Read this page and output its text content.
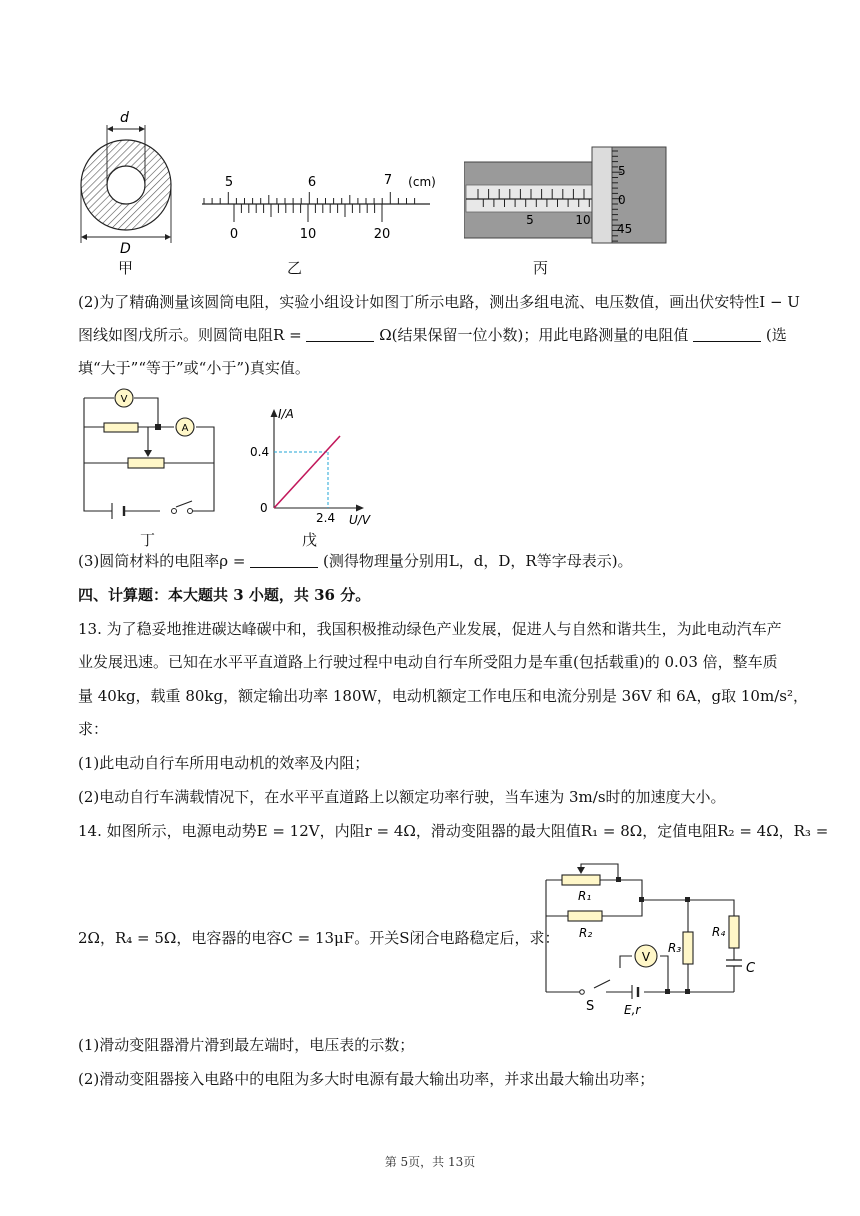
d
D
甲
5	6	7 (cm)
0	10	20
乙
5	10
5
0
45
丙
(2)为了精确测量该圆筒电阻，实验小组设计如图丁所示电路，测出多组电流、电压数值，画出伏安特性I − U
图线如图戊所示。则圆筒电阻R =	Ω(结果保留一位小数)；用此电路测量的电阻值	(选
填“大于”“等于”或“小于”)真实值。
V
A
丁
I/A
0.4
0
2.4 U/V
戊
(3)圆筒材料的电阻率ρ =	(测得物理量分别用L，d，D，R等字母表示)。
四、计算题：本大题共 3 小题，共 36 分。
13. 为了稳妥地推进碳达峰碳中和，我国积极推动绿色产业发展，促进人与自然和谐共生，为此电动汽车产
业发展迅速。已知在水平平直道路上行驶过程中电动自行车所受阻力是车重(包括载重)的 0.03 倍，整车质
量 40kg，载重 80kg，额定输出功率 180W，电动机额定工作电压和电流分别是 36V 和 6A，g取 10m/s²，
求：
(1)此电动自行车所用电动机的效率及内阻；
(2)电动自行车满载情况下，在水平平直道路上以额定功率行驶，当车速为 3m/s时的加速度大小。
14. 如图所示，电源电动势E = 12V，内阻r = 4Ω，滑动变阻器的最大阻值R₁ = 8Ω，定值电阻R₂ = 4Ω，R₃ =
2Ω，R₄ = 5Ω，电容器的电容C = 13μF。开关S闭合电路稳定后，求：
R₁
R₂
R₃
R₄
C
V
S E,r
(1)滑动变阻器滑片滑到最左端时，电压表的示数；
(2)滑动变阻器接入电路中的电阻为多大时电源有最大输出功率，并求出最大输出功率；
第 5页，共 13页
